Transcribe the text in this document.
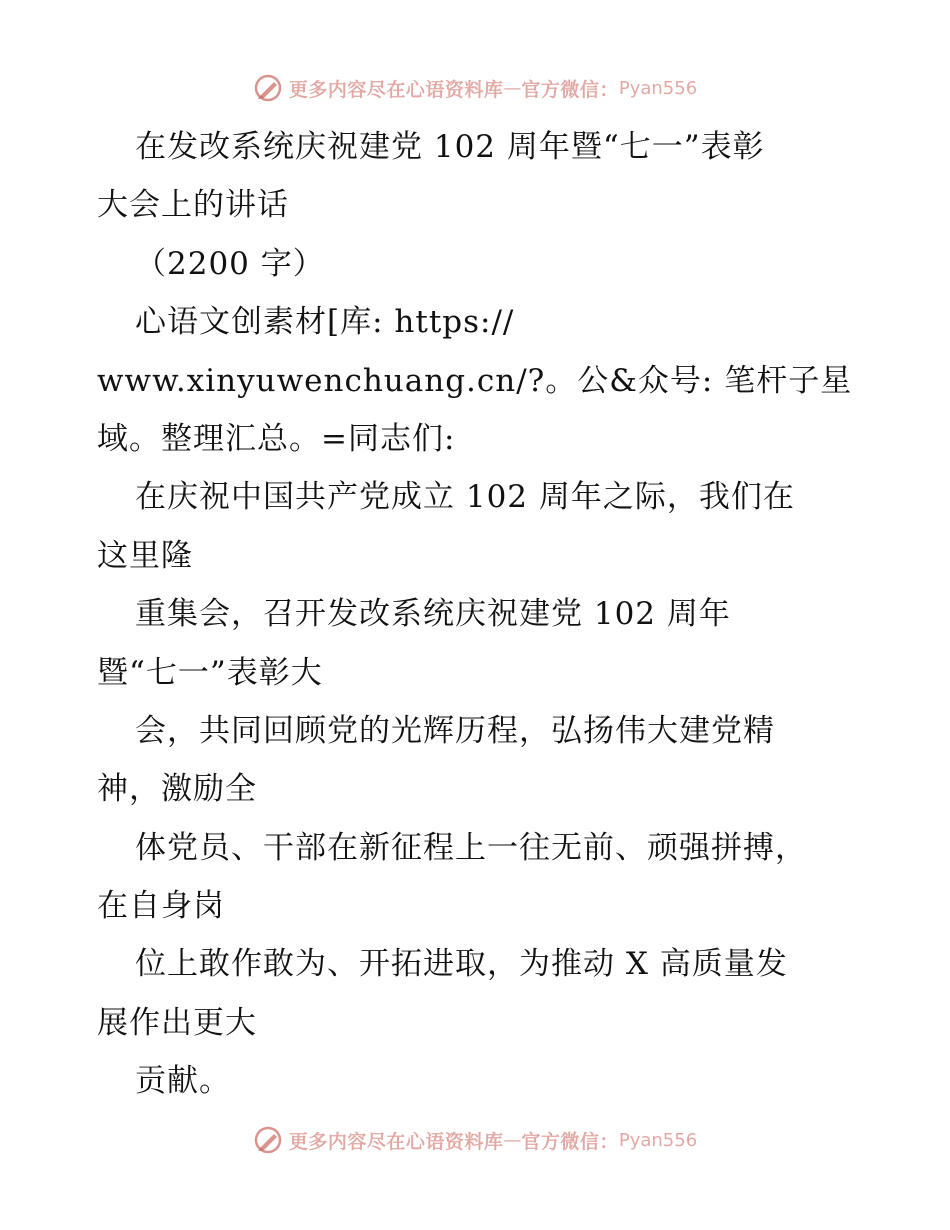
更多内容尽在心语资料库 — 官方微信： Pyan556
在发改系统庆祝建党 102 周年暨“七一”表彰
大会上的讲话
（2200 字）
心语文创素材[库: https://
www.xinyuwenchuang.cn/?。公&众号: 笔杆子星
域。整理汇总。=同志们:
在庆祝中国共产党成立 102 周年之际，我们在
这里隆
重集会，召开发改系统庆祝建党 102 周年
暨“七一”表彰大
会，共同回顾党的光辉历程，弘扬伟大建党精
神，激励全
体党员、干部在新征程上一往无前、顽强拼搏，
在自身岗
位上敢作敢为、开拓进取，为推动 X 高质量发
展作出更大
贡献。
更多内容尽在心语资料库 — 官方微信： Pyan556
